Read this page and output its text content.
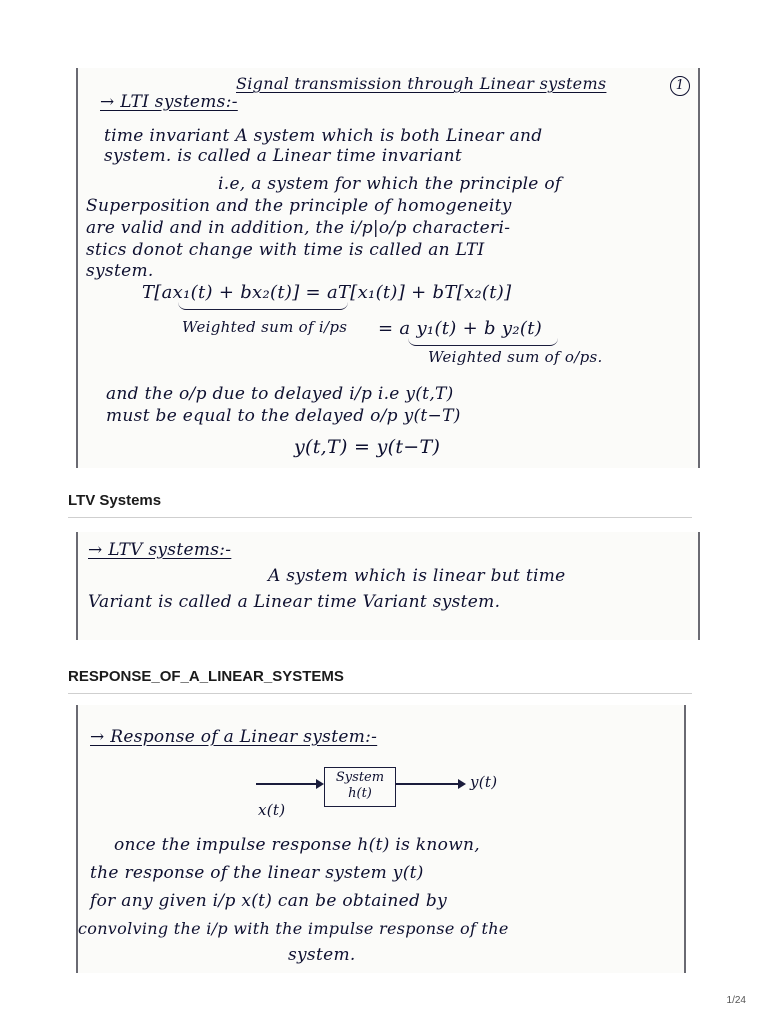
Signal transmission through Linear systems	1
→ LTI systems:-
time invariant A system which is both Linear and
system. is called a Linear time invariant
i.e, a system for which the principle of
Superposition and the principle of homogeneity
are valid and in addition, the i/p|o/p characteri-
stics donot change with time is called an LTI
system.
T[ax₁(t) + bx₂(t)] = aT[x₁(t)] + bT[x₂(t)]
Weighted sum of i/ps = a y₁(t) + b y₂(t)
Weighted sum of o/ps.
and the o/p due to delayed i/p i.e y(t,T)
must be equal to the delayed o/p y(t−T)
y(t,T) = y(t−T)
LTV Systems
→ LTV systems:-
A system which is linear but time
Variant is called a Linear time Variant system.
RESPONSE_OF_A_LINEAR_SYSTEMS
→ Response of a Linear system:-
System
h(t)
x(t)
y(t)
once the impulse response h(t) is known,
the response of the linear system y(t)
for any given i/p x(t) can be obtained by
convolving the i/p with the impulse response of the
system.
1/24
